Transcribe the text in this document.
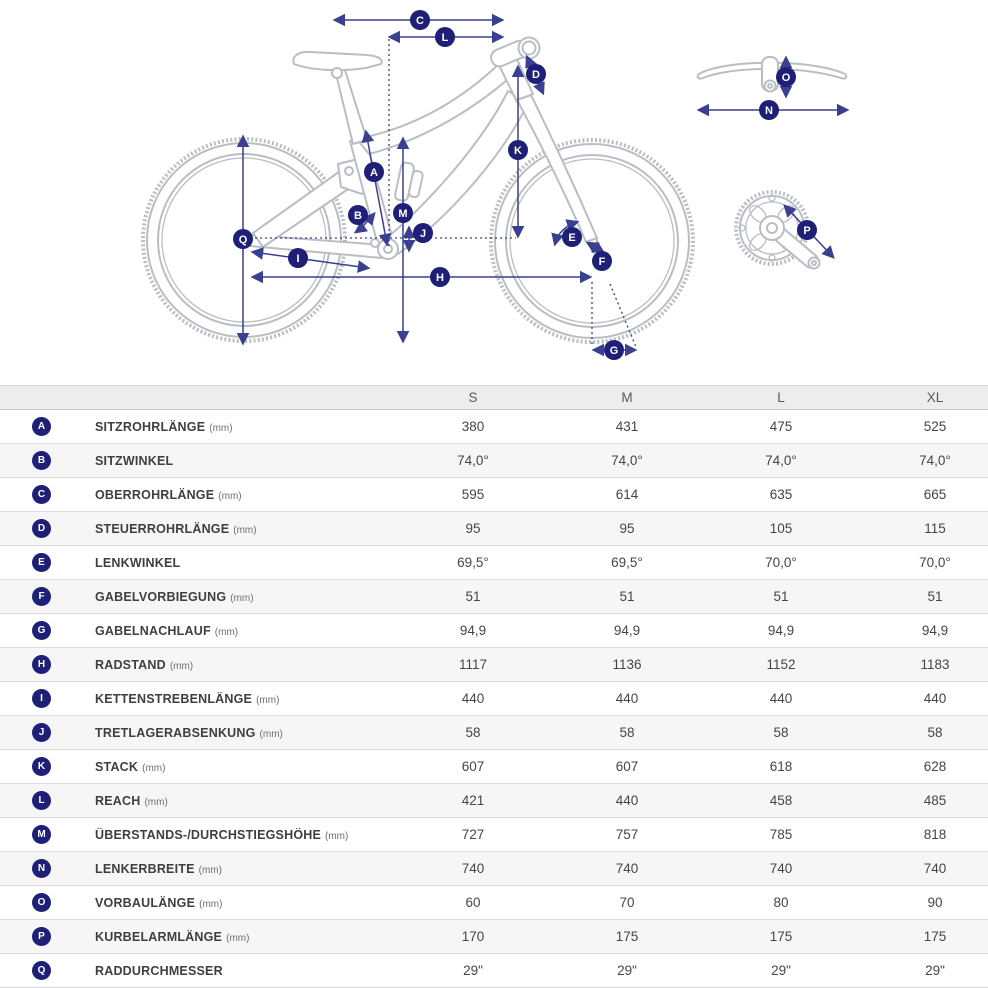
A
B
C
D
E
F
G
H
I
J
K
L
M
N
O
P
Q
S	M	L	XL
A	SITZROHRLÄNGE (mm)	380	431	475	525
B	SITZWINKEL	74,0°	74,0°	74,0°	74,0°
C	OBERROHRLÄNGE (mm)	595	614	635	665
D	STEUERROHRLÄNGE (mm)	95	95	105	115
E	LENKWINKEL	69,5°	69,5°	70,0°	70,0°
F	GABELVORBIEGUNG (mm)	51	51	51	51
G	GABELNACHLAUF (mm)	94,9	94,9	94,9	94,9
H	RADSTAND (mm)	1117	1136	1152	1183
I	KETTENSTREBENLÄNGE (mm)	440	440	440	440
J	TRETLAGERABSENKUNG (mm)	58	58	58	58
K	STACK (mm)	607	607	618	628
L	REACH (mm)	421	440	458	485
M	ÜBERSTANDS-/DURCHSTIEGSHÖHE (mm)	727	757	785	818
N	LENKERBREITE (mm)	740	740	740	740
O	VORBAULÄNGE (mm)	60	70	80	90
P	KURBELARMLÄNGE (mm)	170	175	175	175
Q	RADDURCHMESSER	29"	29"	29"	29"
